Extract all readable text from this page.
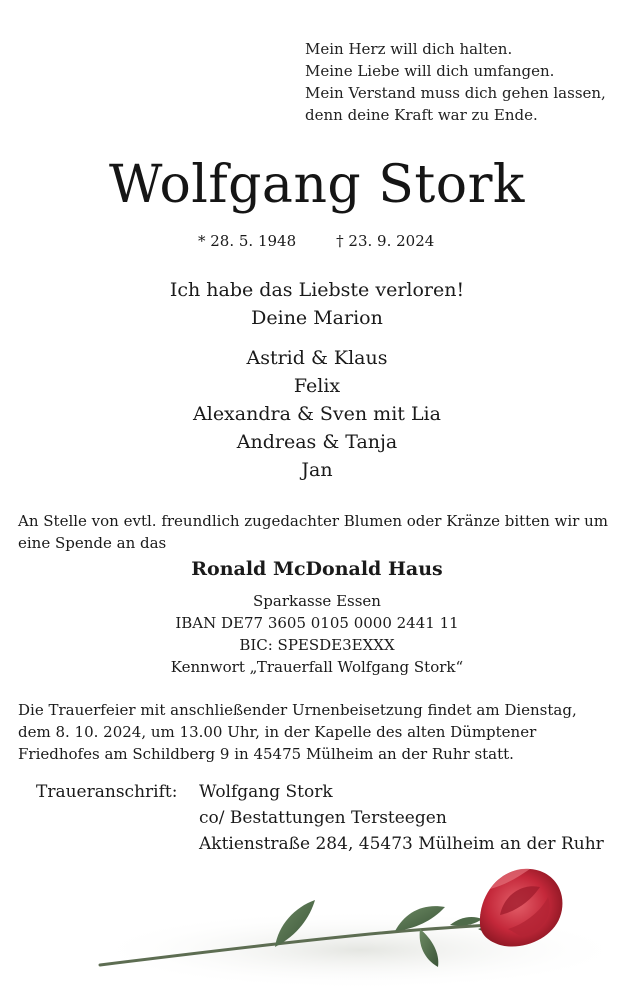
Mein Herz will dich halten.
Meine Liebe will dich umfangen.
Mein Verstand muss dich gehen lassen,
denn deine Kraft war zu Ende.
Wolfgang Stork
* 28. 5. 1948	† 23. 9. 2024
Ich habe das Liebste verloren!
Deine Marion
Astrid & Klaus
Felix
Alexandra & Sven mit Lia
Andreas & Tanja
Jan
An Stelle von evtl. freundlich zugedachter Blumen oder Kränze bitten wir um
eine Spende an das
Ronald McDonald Haus
Sparkasse Essen
IBAN DE77 3605 0105 0000 2441 11
BIC: SPESDE3EXXX
Kennwort „Trauerfall Wolfgang Stork“
Die Trauerfeier mit anschließender Urnenbeisetzung findet am Dienstag,
dem 8. 10. 2024, um 13.00 Uhr, in der Kapelle des alten Dümptener
Friedhofes am Schildberg 9 in 45475 Mülheim an der Ruhr statt.
Traueranschrift: Wolfgang Stork
co/ Bestattungen Tersteegen
Aktienstraße 284, 45473 Mülheim an der Ruhr
